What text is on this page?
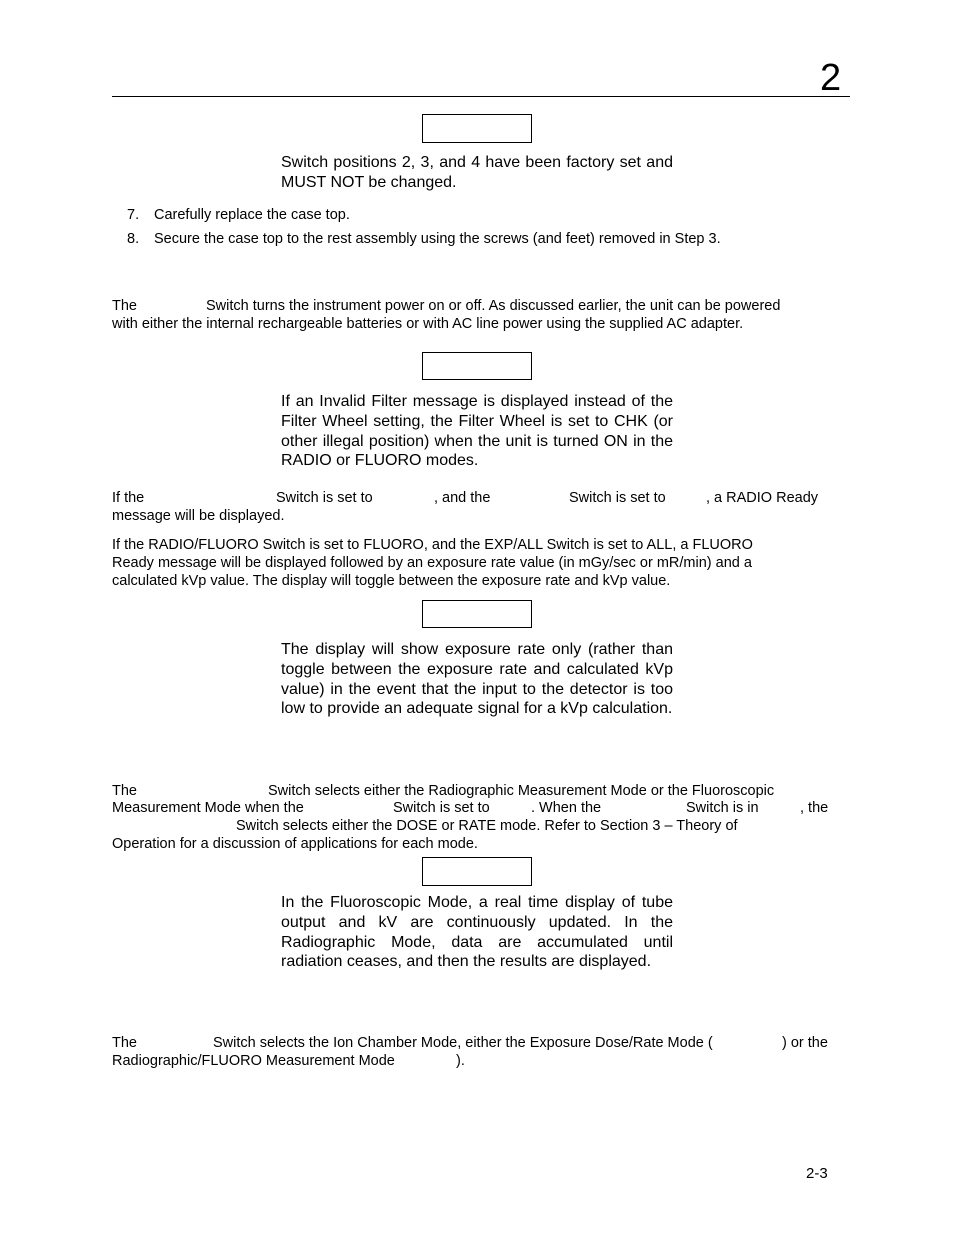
2
Switch positions 2, 3, and 4 have been factory set and MUST NOT be changed.
7. Carefully replace the case top.
8. Secure the case top to the rest assembly using the screws (and feet) removed in Step 3.
The	Switch turns the instrument power on or off. As discussed earlier, the unit can be powered
with either the internal rechargeable batteries or with AC line power using the supplied AC adapter.
If an Invalid Filter message is displayed instead of the Filter Wheel setting, the Filter Wheel is set to CHK (or other illegal position) when the unit is turned ON in the RADIO or FLUORO modes.
If the	Switch is set to	, and the	Switch is set to	, a RADIO Ready
message will be displayed.
If the RADIO/FLUORO Switch is set to FLUORO, and the EXP/ALL Switch is set to ALL, a FLUORO
Ready message will be displayed followed by an exposure rate value (in mGy/sec or mR/min) and a
calculated kVp value. The display will toggle between the exposure rate and kVp value.
The display will show exposure rate only (rather than toggle between the exposure rate and calculated kVp value) in the event that the input to the detector is too low to provide an adequate signal for a kVp calculation.
The	Switch selects either the Radiographic Measurement Mode or the Fluoroscopic
Measurement Mode when the	Switch is set to	. When the	Switch is in	, the
Switch selects either the DOSE or RATE mode. Refer to Section 3 – Theory of
Operation for a discussion of applications for each mode.
In the Fluoroscopic Mode, a real time display of tube output and kV are continuously updated. In the Radiographic Mode, data are accumulated until radiation ceases, and then the results are displayed.
The	Switch selects the Ion Chamber Mode, either the Exposure Dose/Rate Mode (	) or the
Radiographic/FLUORO Measurement Mode	).
2-3
